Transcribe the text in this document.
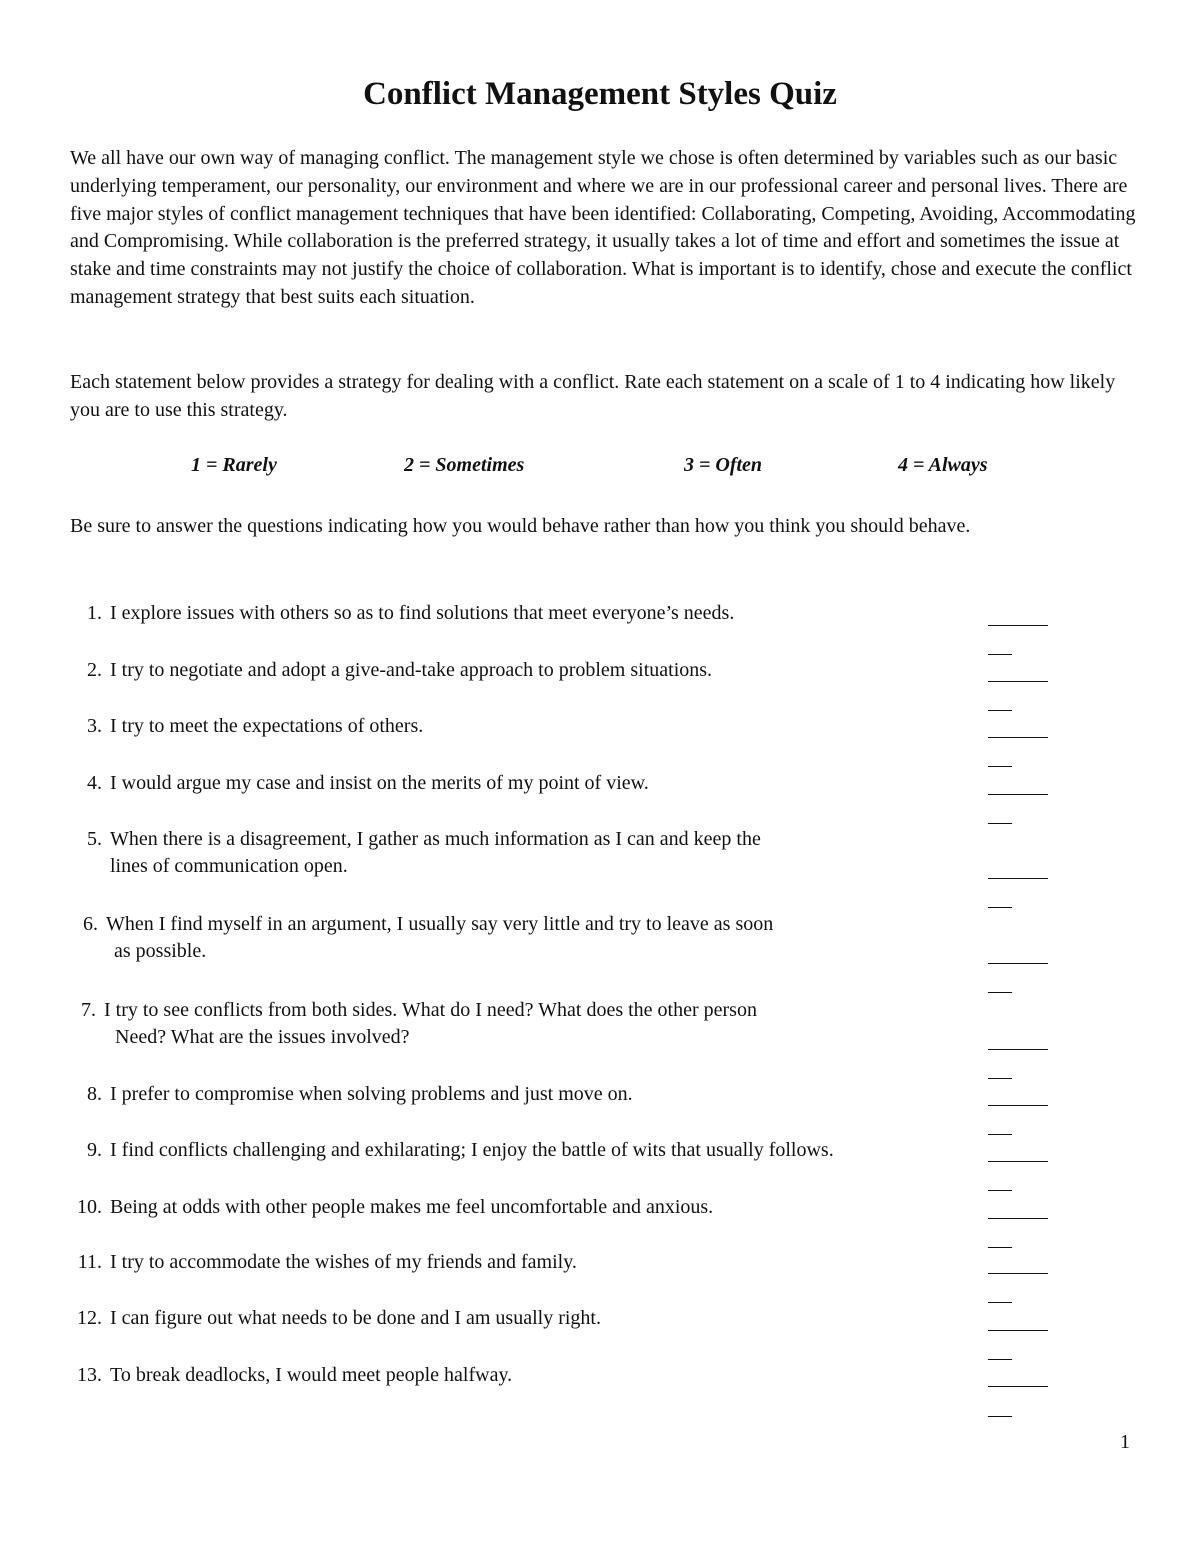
Conflict Management Styles Quiz

We all have our own way of managing conflict. The management style we chose is often determined by variables such as our basic underlying temperament, our personality, our environment and where we are in our professional career and personal lives. There are five major styles of conflict management techniques that have been identified: Collaborating, Competing, Avoiding, Accommodating and Compromising. While collaboration is the preferred strategy, it usually takes a lot of time and effort and sometimes the issue at stake and time constraints may not justify the choice of collaboration. What is important is to identify, chose and execute the conflict management strategy that best suits each situation.

Each statement below provides a strategy for dealing with a conflict. Rate each statement on a scale of 1 to 4 indicating how likely you are to use this strategy.

1 = Rarely	2 = Sometimes	3 = Often	4 = Always

Be sure to answer the questions indicating how you would behave rather than how you think you should behave.

1. I explore issues with others so as to find solutions that meet everyone’s needs.
2. I try to negotiate and adopt a give-and-take approach to problem situations.
3. I try to meet the expectations of others.
4. I would argue my case and insist on the merits of my point of view.
5. When there is a disagreement, I gather as much information as I can and keep the
lines of communication open.
6. When I find myself in an argument, I usually say very little and try to leave as soon
as possible.
7. I try to see conflicts from both sides. What do I need? What does the other person
Need? What are the issues involved?
8. I prefer to compromise when solving problems and just move on.
9. I find conflicts challenging and exhilarating; I enjoy the battle of wits that usually follows.
10. Being at odds with other people makes me feel uncomfortable and anxious.
11. I try to accommodate the wishes of my friends and family.
12. I can figure out what needs to be done and I am usually right.
13. To break deadlocks, I would meet people halfway.
1
